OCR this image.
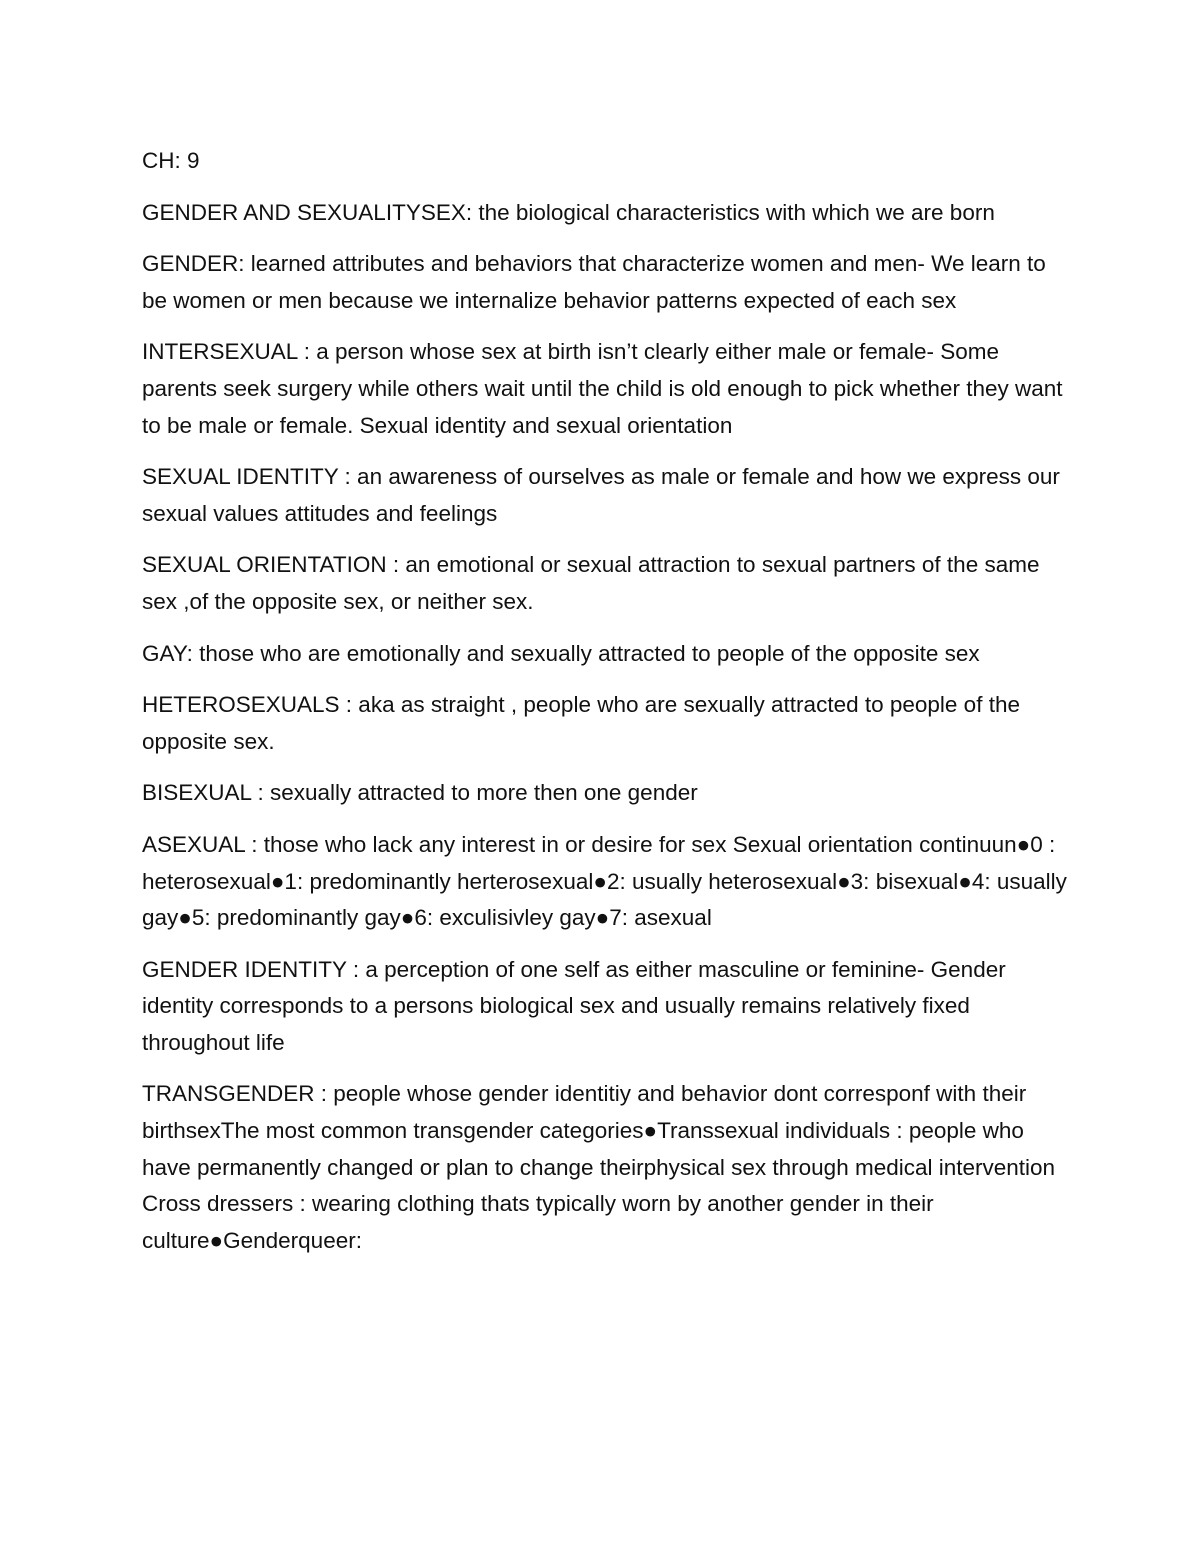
CH: 9

GENDER AND SEXUALITYSEX: the biological characteristics with which we are born

GENDER: learned attributes and behaviors that characterize women and men- We learn to be women or men because we internalize behavior patterns expected of each sex

INTERSEXUAL : a person whose sex at birth isn’t clearly either male or female- Some parents seek surgery while others wait until the child is old enough to pick whether they want to be male or female. Sexual identity and sexual orientation

SEXUAL IDENTITY : an awareness of ourselves as male or female and how we express our sexual values attitudes and feelings

SEXUAL ORIENTATION : an emotional or sexual attraction to sexual partners of the same sex ,of the opposite sex, or neither sex.

GAY: those who are emotionally and sexually attracted to people of the opposite sex

HETEROSEXUALS : aka as straight , people who are sexually attracted to people of the opposite sex.

BISEXUAL : sexually attracted to more then one gender

ASEXUAL : those who lack any interest in or desire for sex Sexual orientation continuun●0 : heterosexual●1: predominantly herterosexual●2: usually heterosexual●3: bisexual●4: usually gay●5: predominantly gay●6: exculisivley gay●7: asexual

GENDER IDENTITY : a perception of one self as either masculine or feminine- Gender identity corresponds to a persons biological sex and usually remains relatively fixed throughout life

TRANSGENDER : people whose gender identitiy and behavior dont corresponf with their birthsexThe most common transgender categories●Transsexual individuals : people who have permanently changed or plan to change theirphysical sex through medical intervention Cross dressers : wearing clothing thats typically worn by another gender in their culture●Genderqueer:
